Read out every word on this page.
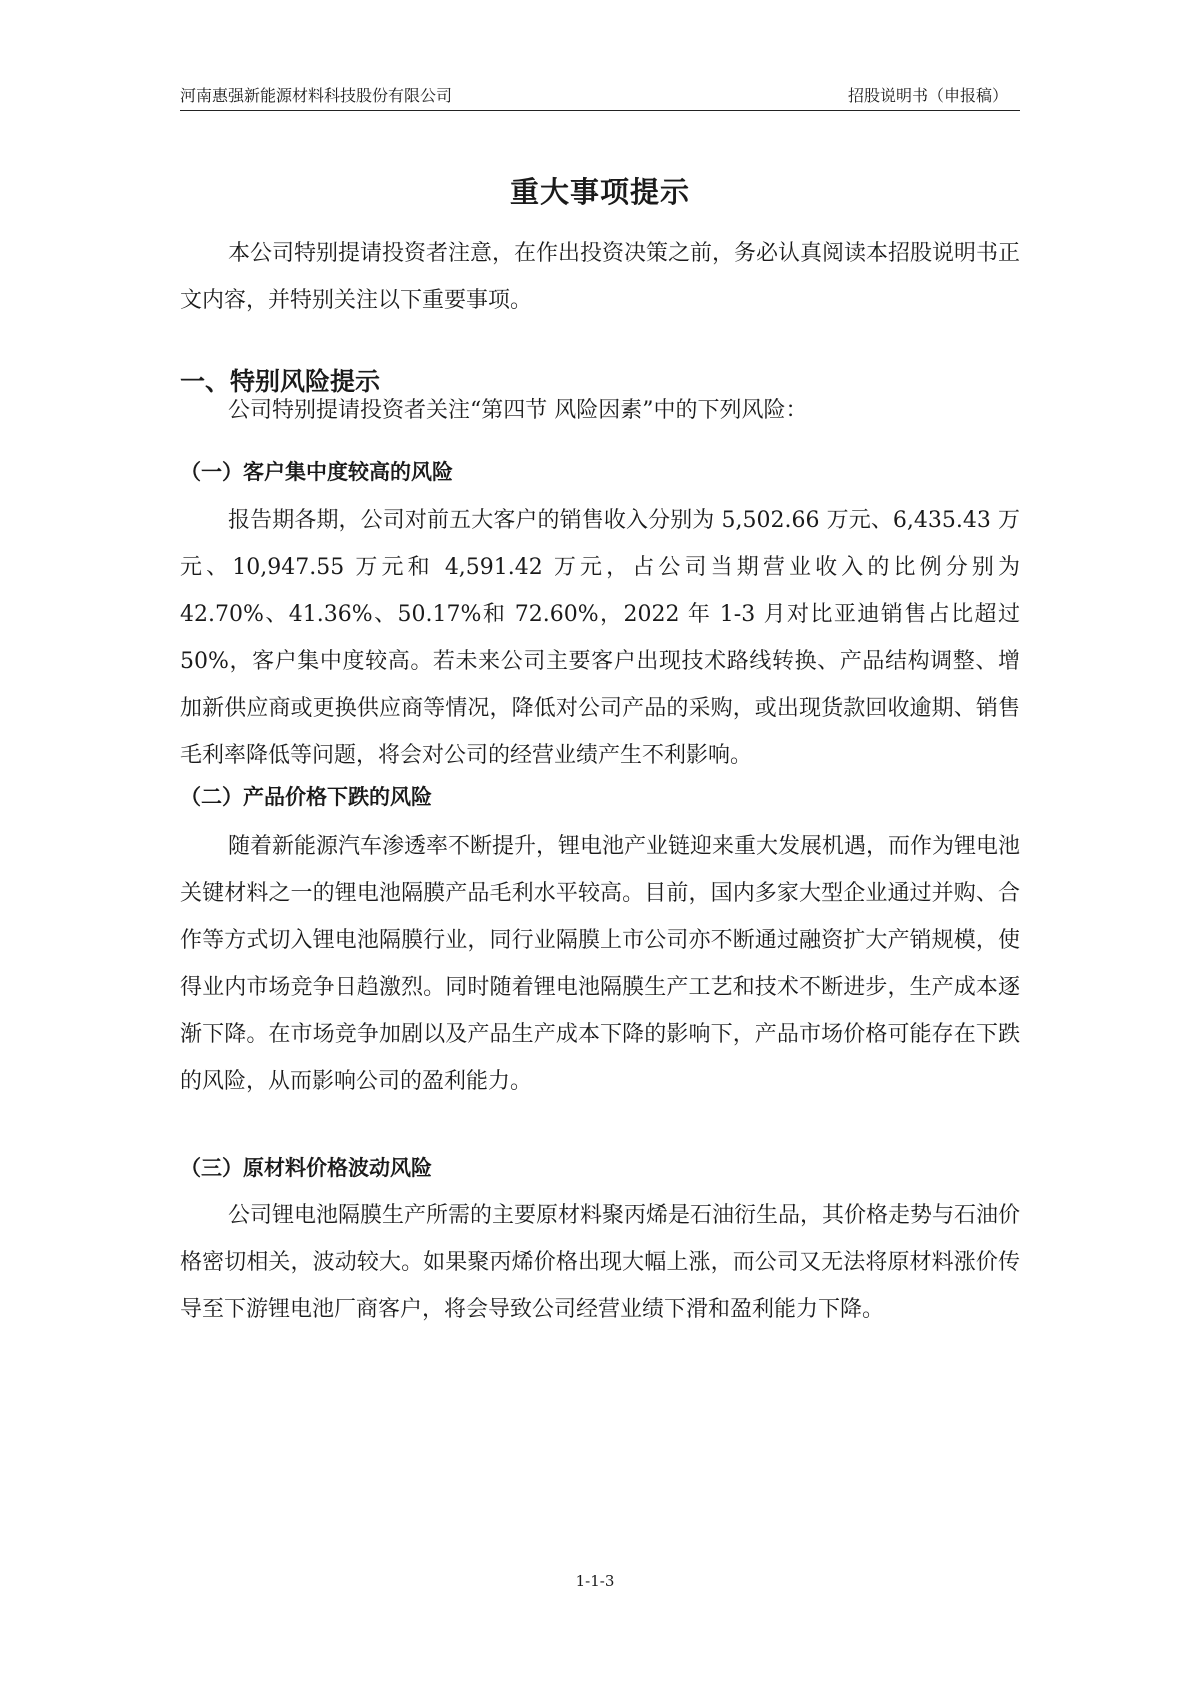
河南惠强新能源材料科技股份有限公司	招股说明书（申报稿）
重大事项提示

本公司特别提请投资者注意，在作出投资决策之前，务必认真阅读本招股说明书正文内容，并特别关注以下重要事项。

一、特别风险提示

公司特别提请投资者关注“第四节 风险因素”中的下列风险：

（一）客户集中度较高的风险

报告期各期，公司对前五大客户的销售收入分别为 5,502.66 万元、6,435.43 万元、10,947.55 万元和 4,591.42 万元，占公司当期营业收入的比例分别为 42.70%、41.36%、50.17%和 72.60%，2022 年 1-3 月对比亚迪销售占比超过 50%，客户集中度较高。若未来公司主要客户出现技术路线转换、产品结构调整、增加新供应商或更换供应商等情况，降低对公司产品的采购，或出现货款回收逾期、销售毛利率降低等问题，将会对公司的经营业绩产生不利影响。

（二）产品价格下跌的风险

随着新能源汽车渗透率不断提升，锂电池产业链迎来重大发展机遇，而作为锂电池关键材料之一的锂电池隔膜产品毛利水平较高。目前，国内多家大型企业通过并购、合作等方式切入锂电池隔膜行业，同行业隔膜上市公司亦不断通过融资扩大产销规模，使得业内市场竞争日趋激烈。同时随着锂电池隔膜生产工艺和技术不断进步，生产成本逐渐下降。在市场竞争加剧以及产品生产成本下降的影响下，产品市场价格可能存在下跌的风险，从而影响公司的盈利能力。

（三）原材料价格波动风险

公司锂电池隔膜生产所需的主要原材料聚丙烯是石油衍生品，其价格走势与石油价格密切相关，波动较大。如果聚丙烯价格出现大幅上涨，而公司又无法将原材料涨价传导至下游锂电池厂商客户，将会导致公司经营业绩下滑和盈利能力下降。

1-1-3
